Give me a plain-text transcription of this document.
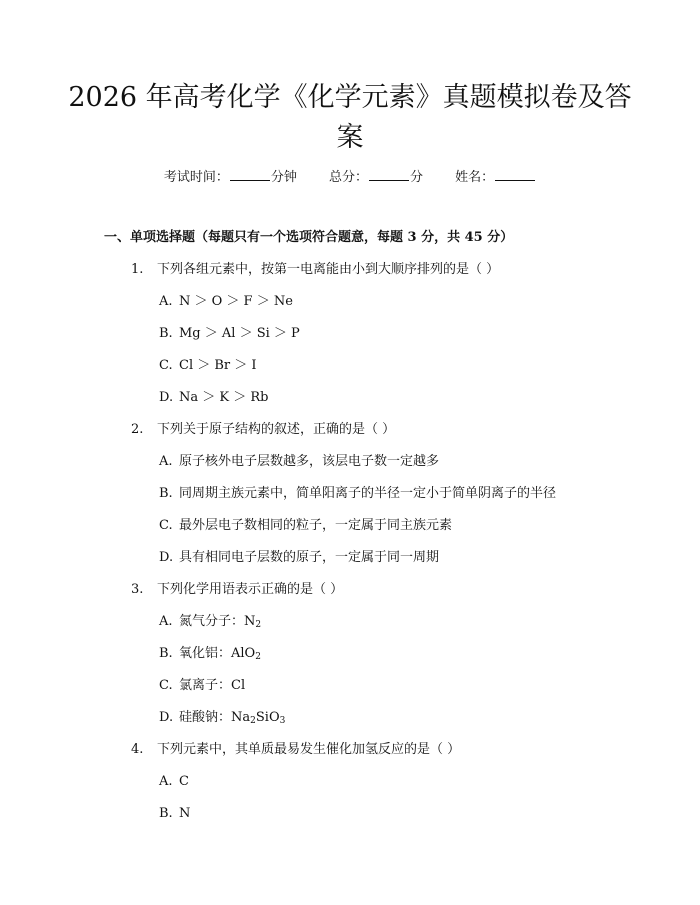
2026 年高考化学《化学元素》真题模拟卷及答案
考试时间：	分钟 总分：	分 姓名：
一、单项选择题（每题只有一个选项符合题意，每题 3 分，共 45 分）
1. 下列各组元素中，按第一电离能由小到大顺序排列的是（ ）
A. N ＞ O ＞ F ＞ Ne
B. Mg ＞ Al ＞ Si ＞ P
C. Cl ＞ Br ＞ I
D. Na ＞ K ＞ Rb
2. 下列关于原子结构的叙述，正确的是（ ）
A. 原子核外电子层数越多，该层电子数一定越多
B. 同周期主族元素中，简单阳离子的半径一定小于简单阴离子的半径
C. 最外层电子数相同的粒子，一定属于同主族元素
D. 具有相同电子层数的原子，一定属于同一周期
3. 下列化学用语表示正确的是（ ）
A. 氮气分子：$N_2$
B. 氧化铝：AlO$_2$
C. 氯离子：Cl
D. 硅酸钠：$Na_2SiO_3$
4. 下列元素中，其单质最易发生催化加氢反应的是（ ）
A. C
B. N
